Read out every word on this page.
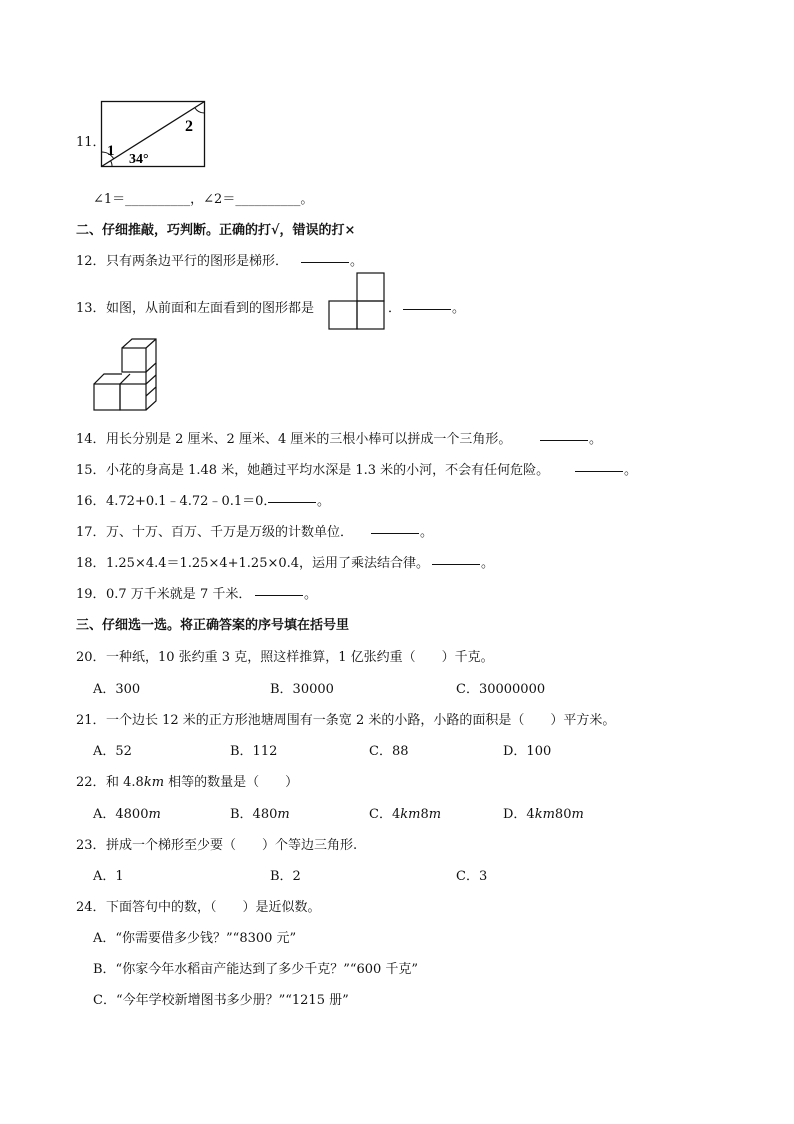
11．
1
2
34°
∠1＝__________，∠2＝__________。
二、仔细推敲，巧判断。正确的打√，错误的打×
12． 只有两条边平行的图形是梯形．	。
13． 如图，从前面和左面看到的图形都是	．	。
14． 用长分别是 2 厘米、2 厘米、4 厘米的三根小棒可以拼成一个三角形。	。
15． 小花的身高是 1.48 米，她趟过平均水深是 1.3 米的小河，不会有任何危险。	。
16． 4.72+0.1﹣4.72﹣0.1＝0．	。
17． 万、十万、百万、千万是万级的计数单位．	。
18． 1.25×4.4＝1.25×4+1.25×0.4，运用了乘法结合律。	。
19． 0.7 万千米就是 7 千米．	。
三、仔细选一选。将正确答案的序号填在括号里
20． 一种纸，10 张约重 3 克，照这样推算，1 亿张约重（　　）千克。
A．300	B．30000	C．30000000
21． 一个边长 12 米的正方形池塘周围有一条宽 2 米的小路，小路的面积是（　　）平方米。
A．52	B．112	C．88	D．100
22． 和 4.8km 相等的数量是（　　）
A．4800m	B．480m	C．4km8m	D．4km80m
23． 拼成一个梯形至少要（　　）个等边三角形.
A．1	B．2	C．3
24． 下面答句中的数，（　　）是近似数。
A．“你需要借多少钱？”“8300 元”
B．“你家今年水稻亩产能达到了多少千克？”“600 千克”
C．“今年学校新增图书多少册？”“1215 册”
